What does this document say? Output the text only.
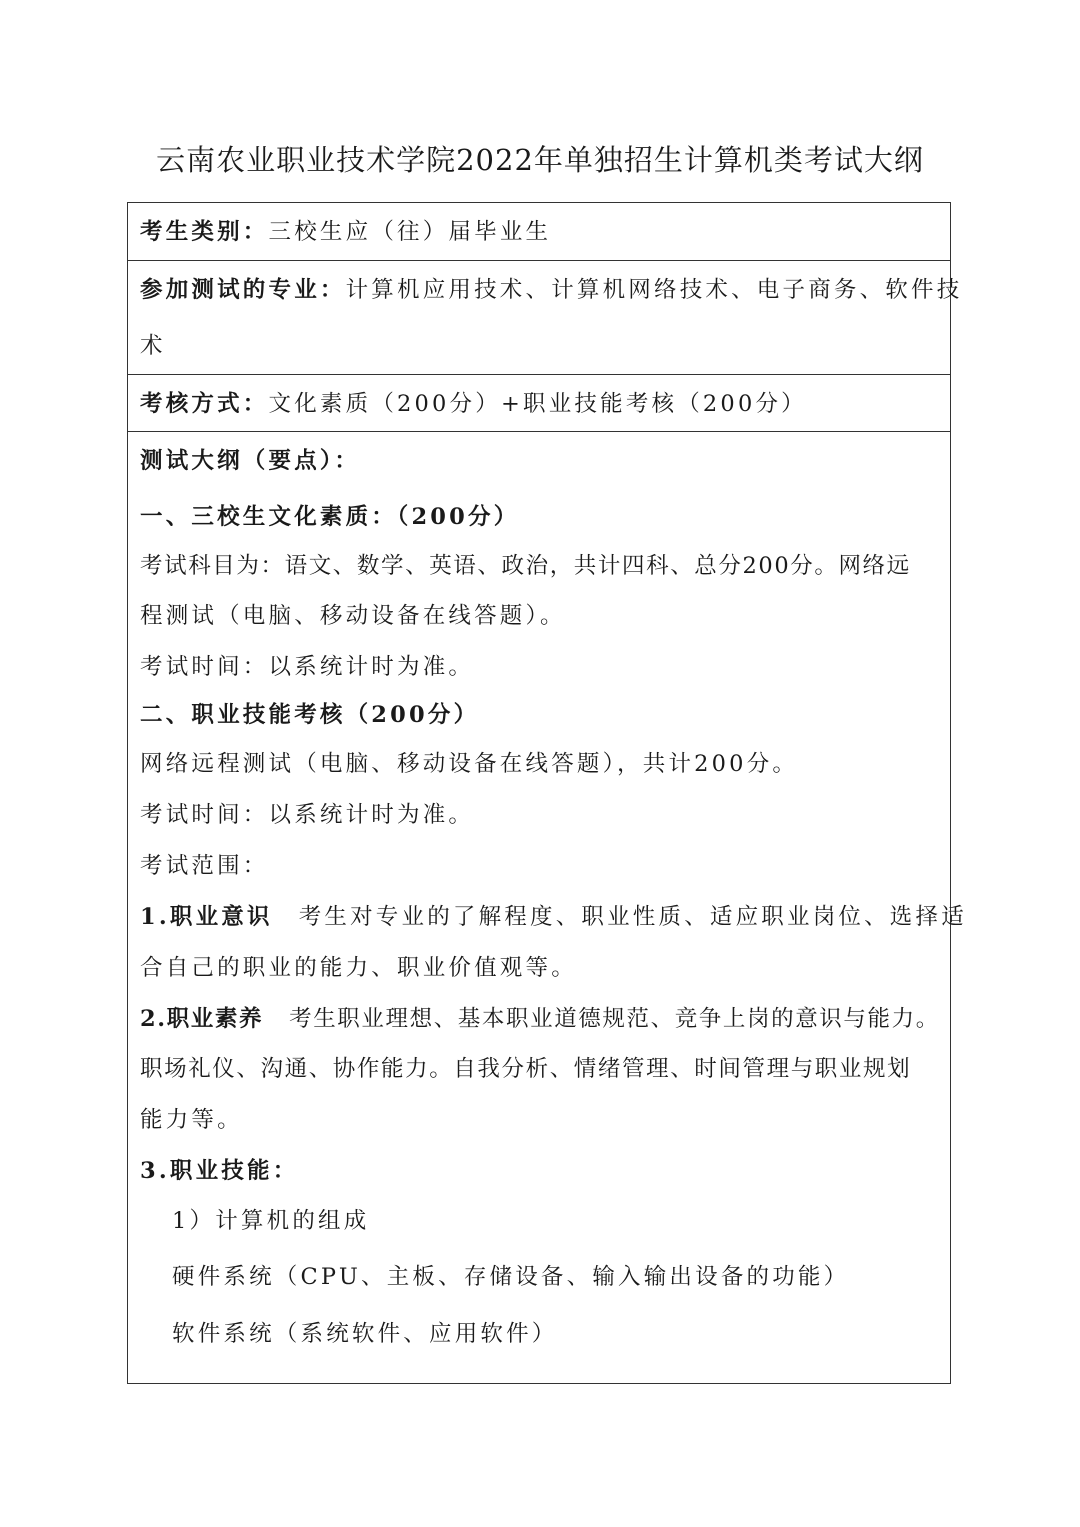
云南农业职业技术学院2022年单独招生计算机类考试大纲
考生类别：三校生应（往）届毕业生
参加测试的专业：计算机应用技术、计算机网络技术、电子商务、软件技
术
考核方式：文化素质（200分）+职业技能考核（200分）
测试大纲（要点）：
一、三校生文化素质：（200分）
考试科目为：语文、数学、英语、政治，共计四科、总分200分。网络远
程测试（电脑、移动设备在线答题）。
考试时间：以系统计时为准。
二、职业技能考核（200分）
网络远程测试（电脑、移动设备在线答题），共计200分。
考试时间：以系统计时为准。
考试范围：
1.职业意识 考生对专业的了解程度、职业性质、适应职业岗位、选择适
合自己的职业的能力、职业价值观等。
2.职业素养 考生职业理想、基本职业道德规范、竞争上岗的意识与能力。
职场礼仪、沟通、协作能力。自我分析、情绪管理、时间管理与职业规划
能力等。
3.职业技能：
1）计算机的组成
硬件系统（CPU、主板、存储设备、输入输出设备的功能）
软件系统（系统软件、应用软件）
